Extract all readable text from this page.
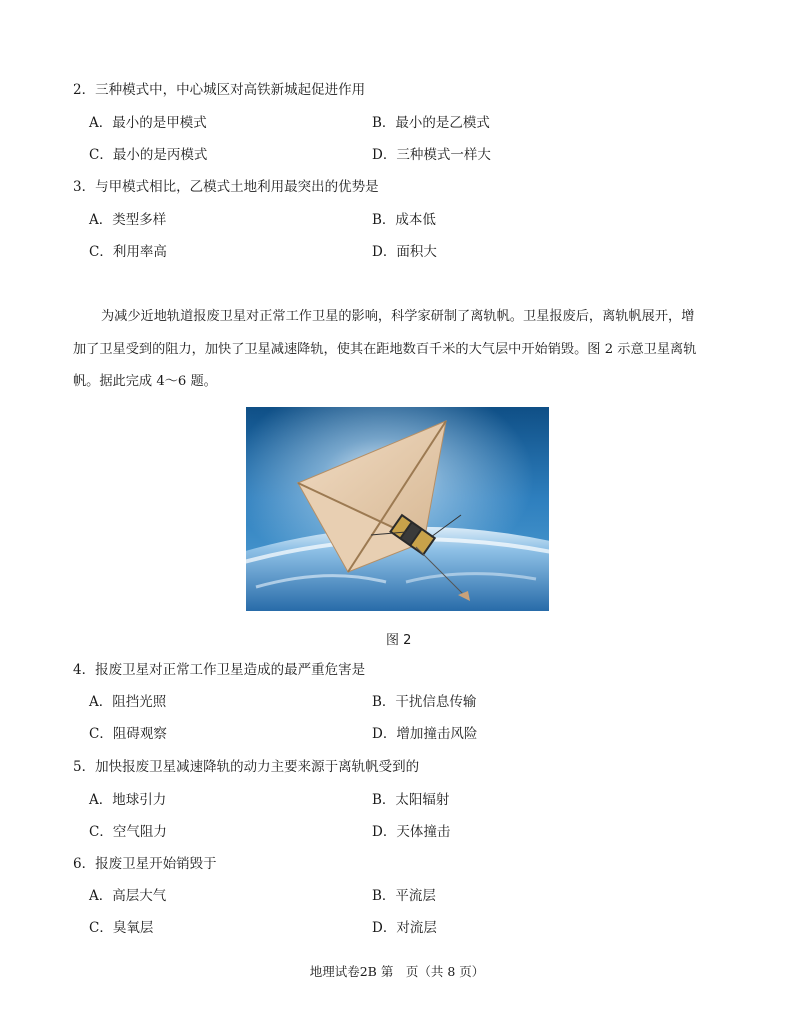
2．三种模式中，中心城区对高铁新城起促进作用
A．最小的是甲模式	B．最小的是乙模式
C．最小的是丙模式	D．三种模式一样大
3．与甲模式相比，乙模式土地利用最突出的优势是
A．类型多样	B．成本低
C．利用率高	D．面积大
为减少近地轨道报废卫星对正常工作卫星的影响，科学家研制了离轨帆。卫星报废后，离轨帆展开，增
加了卫星受到的阻力，加快了卫星减速降轨，使其在距地数百千米的大气层中开始销毁。图 2 示意卫星离轨
帆。据此完成 4～6 题。
图 2
4．报废卫星对正常工作卫星造成的最严重危害是
A．阻挡光照	B．干扰信息传输
C．阻碍观察	D．增加撞击风险
5．加快报废卫星减速降轨的动力主要来源于离轨帆受到的
A．地球引力	B．太阳辐射
C．空气阻力	D．天体撞击
6．报废卫星开始销毁于
A．高层大气	B．平流层
C．臭氧层	D．对流层
地理试卷2B 第　页（共 8 页）
